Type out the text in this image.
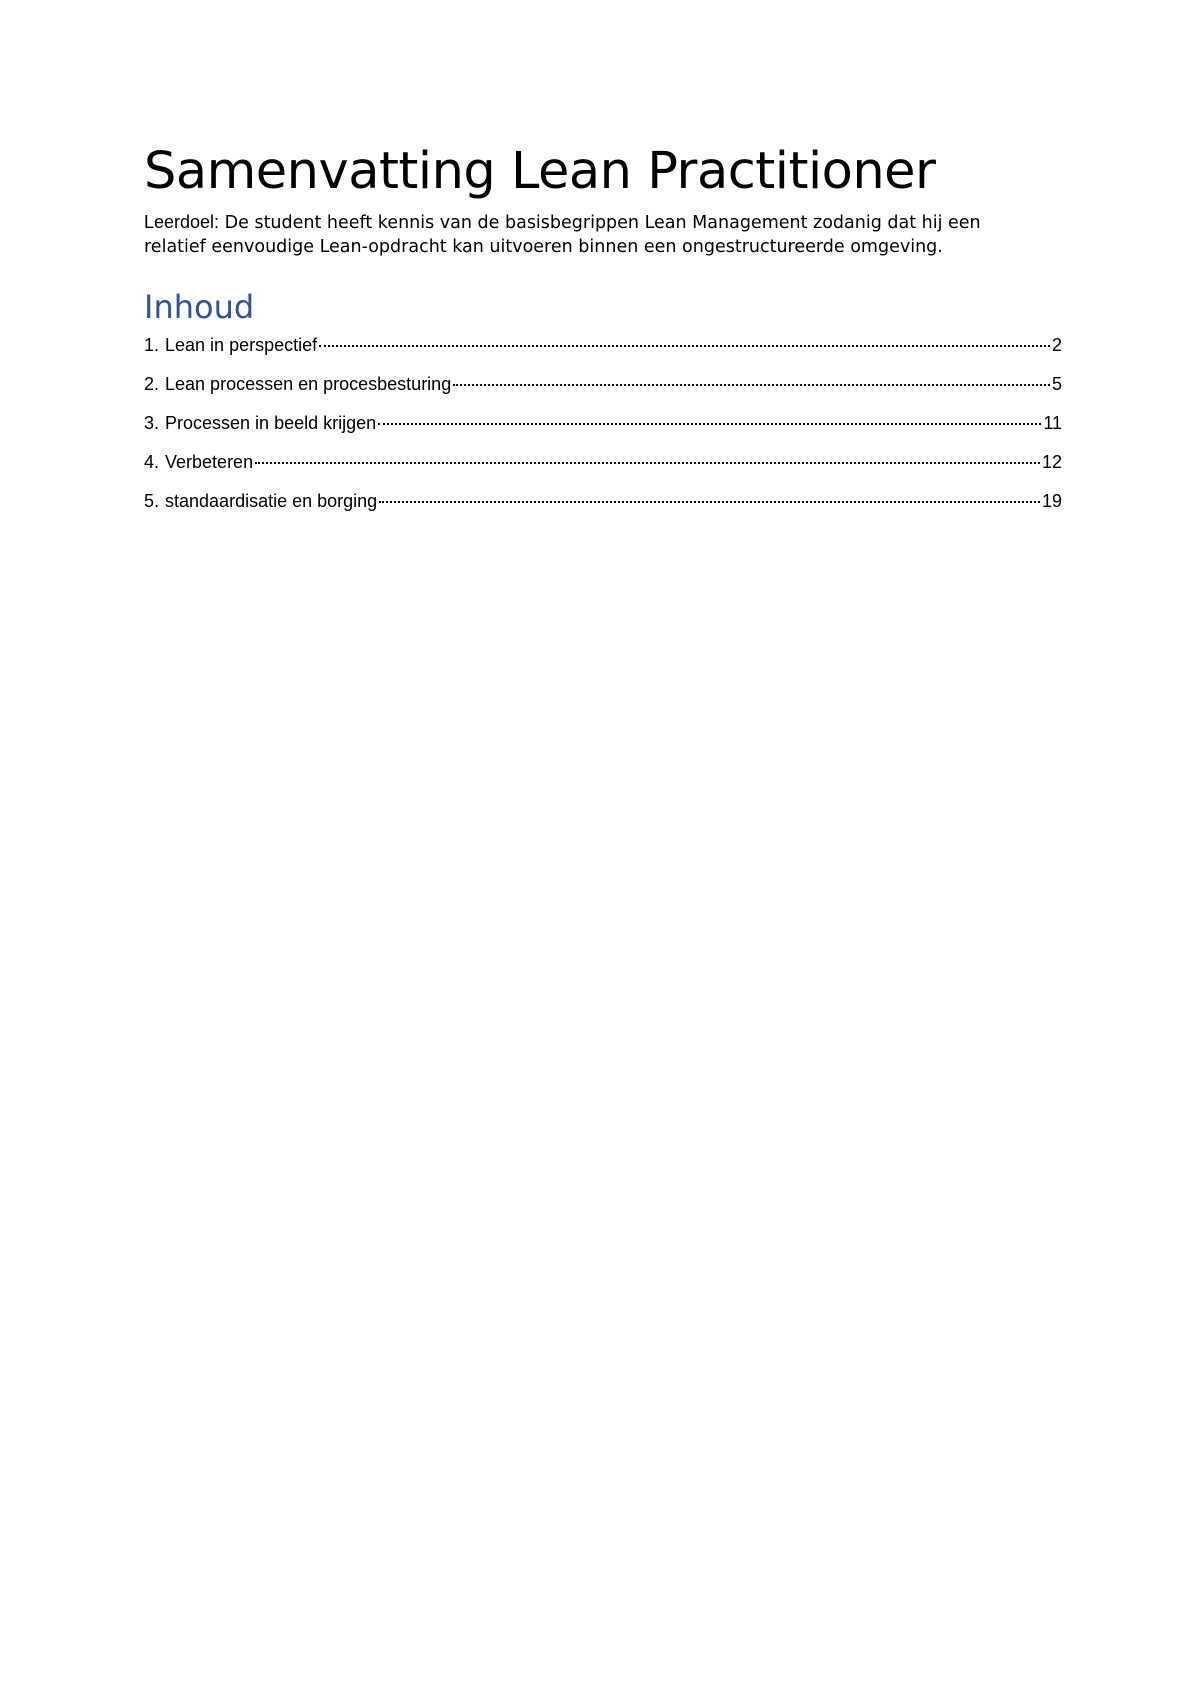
Samenvatting Lean Practitioner

Leerdoel: De student heeft kennis van de basisbegrippen Lean Management zodanig dat hij een relatief eenvoudige Lean-opdracht kan uitvoeren binnen een ongestructureerde omgeving.

Inhoud
1. Lean in perspectief	2
2. Lean processen en procesbesturing	5
3. Processen in beeld krijgen	11
4. Verbeteren	12
5. standaardisatie en borging	19
